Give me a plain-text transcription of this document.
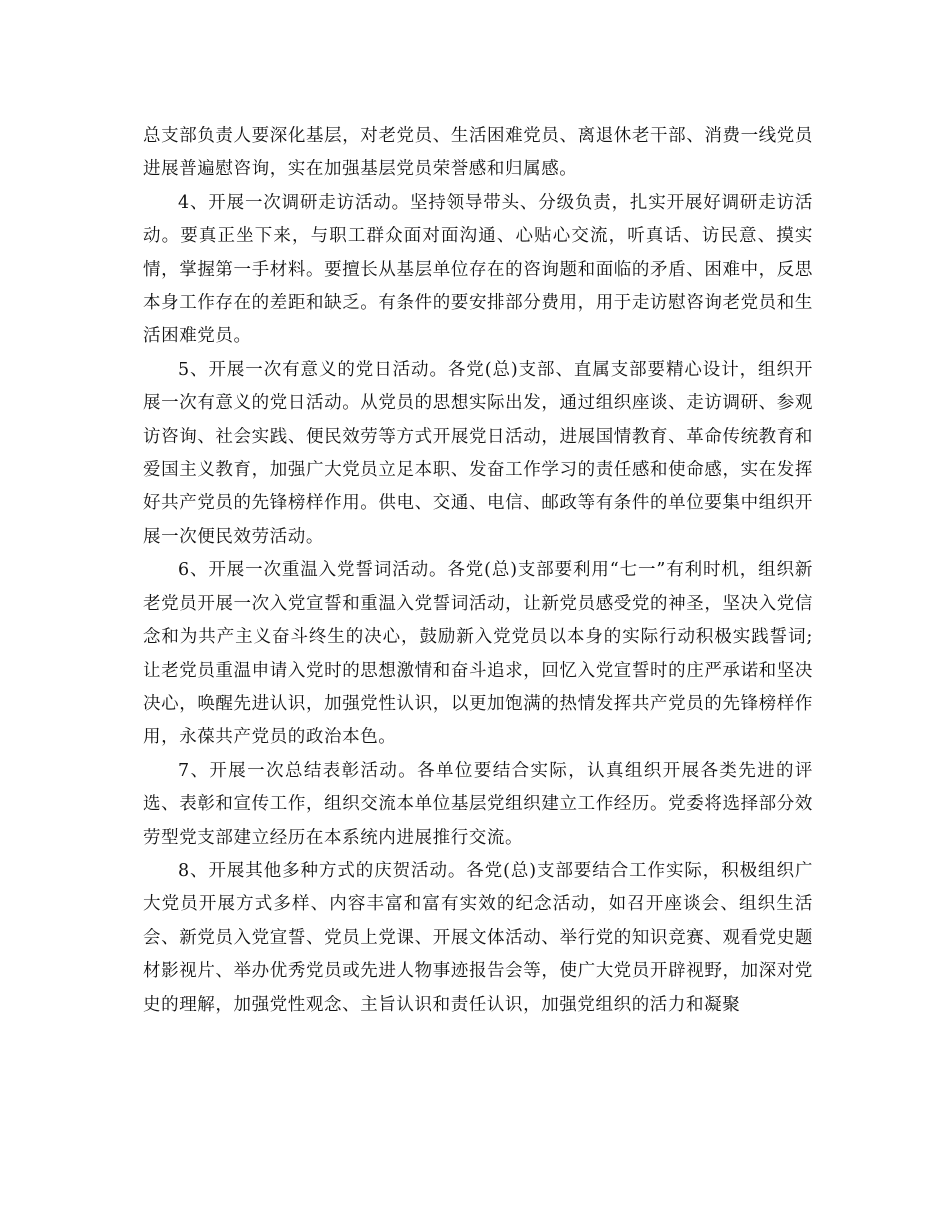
总支部负责人要深化基层，对老党员、生活困难党员、离退休老干部、消费一线党员进展普遍慰咨询，实在加强基层党员荣誉感和归属感。

4、开展一次调研走访活动。坚持领导带头、分级负责，扎实开展好调研走访活动。要真正坐下来，与职工群众面对面沟通、心贴心交流，听真话、访民意、摸实情，掌握第一手材料。要擅长从基层单位存在的咨询题和面临的矛盾、困难中，反思本身工作存在的差距和缺乏。有条件的要安排部分费用，用于走访慰咨询老党员和生活困难党员。

5、开展一次有意义的党日活动。各党(总)支部、直属支部要精心设计，组织开展一次有意义的党日活动。从党员的思想实际出发，通过组织座谈、走访调研、参观访咨询、社会实践、便民效劳等方式开展党日活动，进展国情教育、革命传统教育和爱国主义教育，加强广大党员立足本职、发奋工作学习的责任感和使命感，实在发挥好共产党员的先锋榜样作用。供电、交通、电信、邮政等有条件的单位要集中组织开展一次便民效劳活动。

6、开展一次重温入党誓词活动。各党(总)支部要利用“七一”有利时机，组织新老党员开展一次入党宣誓和重温入党誓词活动，让新党员感受党的神圣，坚决入党信念和为共产主义奋斗终生的决心，鼓励新入党党员以本身的实际行动积极实践誓词;让老党员重温申请入党时的思想激情和奋斗追求，回忆入党宣誓时的庄严承诺和坚决决心，唤醒先进认识，加强党性认识，以更加饱满的热情发挥共产党员的先锋榜样作用，永葆共产党员的政治本色。

7、开展一次总结表彰活动。各单位要结合实际，认真组织开展各类先进的评选、表彰和宣传工作，组织交流本单位基层党组织建立工作经历。党委将选择部分效劳型党支部建立经历在本系统内进展推行交流。

8、开展其他多种方式的庆贺活动。各党(总)支部要结合工作实际，积极组织广大党员开展方式多样、内容丰富和富有实效的纪念活动，如召开座谈会、组织生活会、新党员入党宣誓、党员上党课、开展文体活动、举行党的知识竞赛、观看党史题材影视片、举办优秀党员或先进人物事迹报告会等，使广大党员开辟视野，加深对党史的理解，加强党性观念、主旨认识和责任认识，加强党组织的活力和凝聚
